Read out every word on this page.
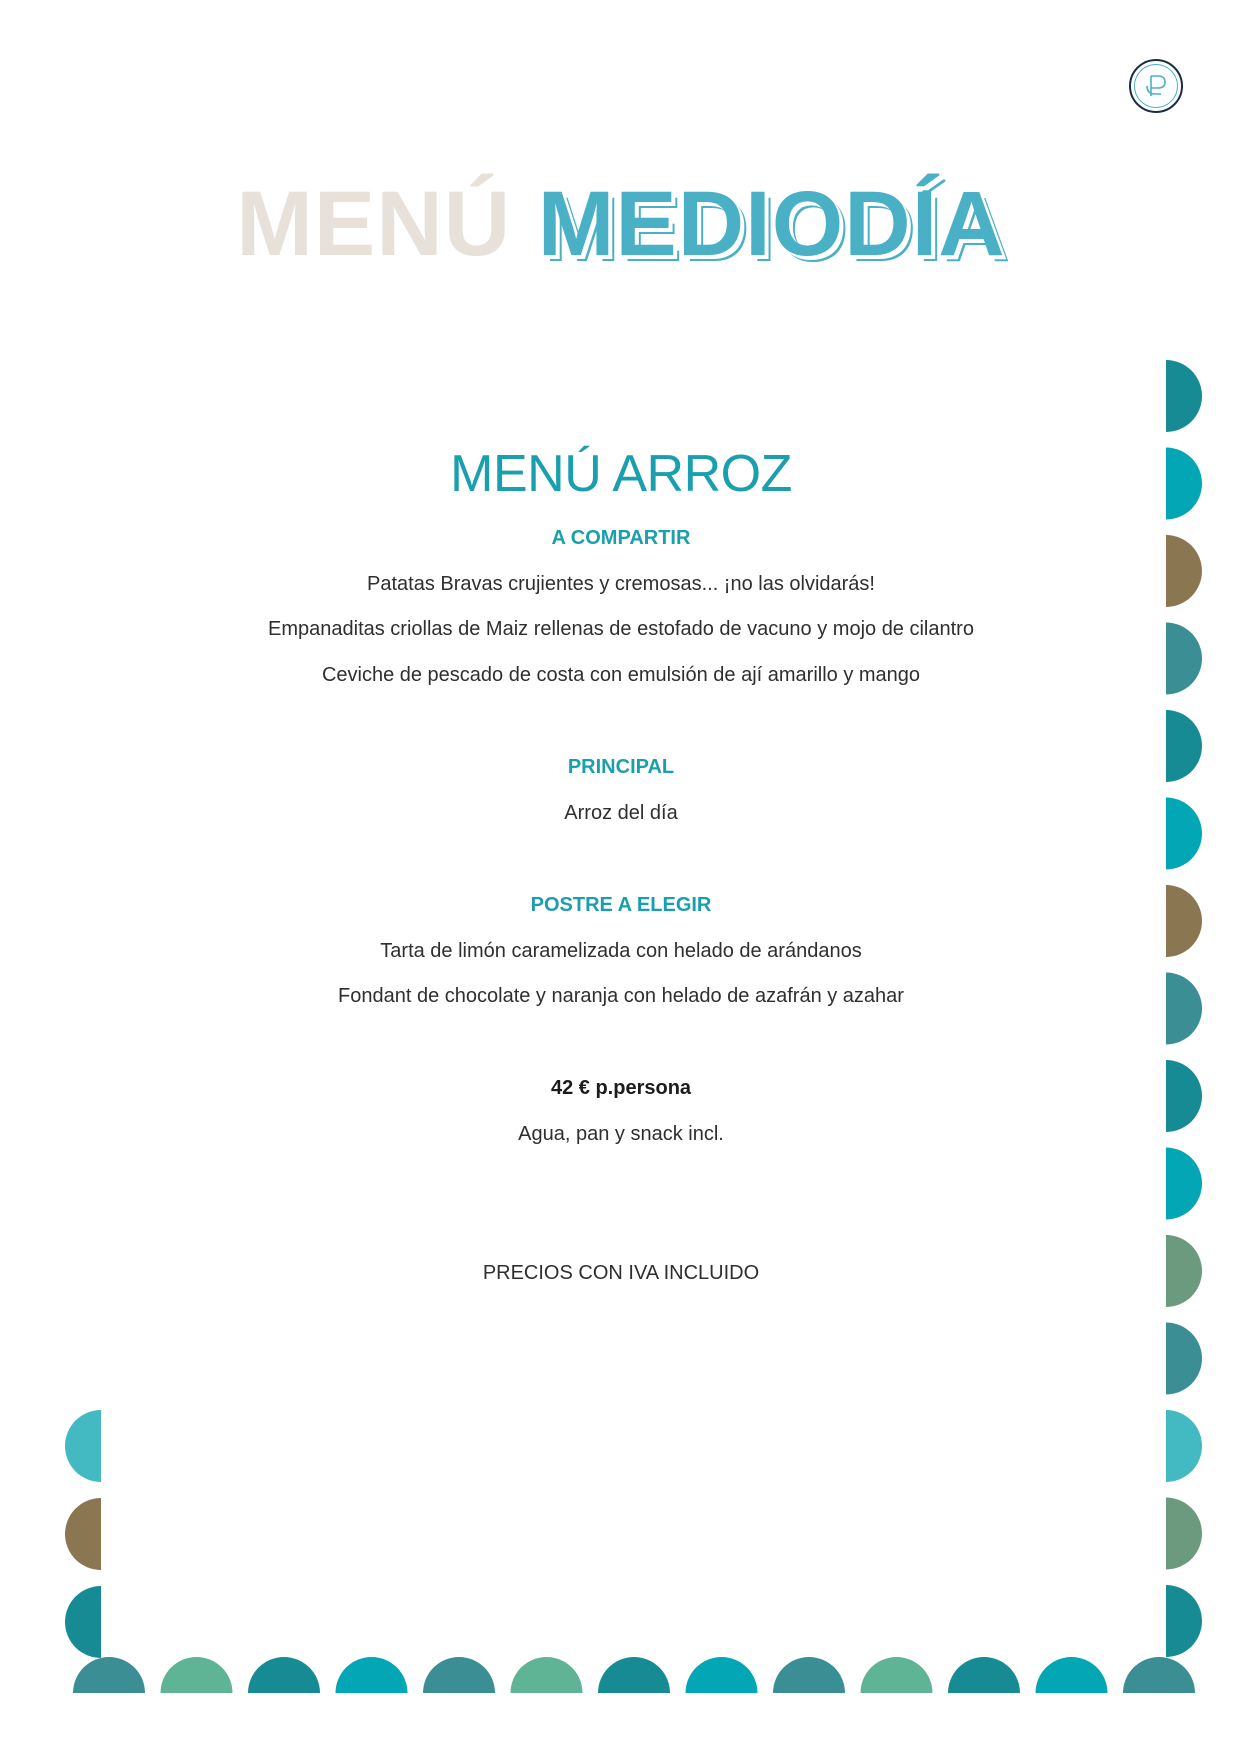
MENÚ MEDIODÍA
MENÚ ARROZ
A COMPARTIR
Patatas Bravas crujientes y cremosas... ¡no las olvidarás!
Empanaditas criollas de Maiz rellenas de estofado de vacuno y mojo de cilantro
Ceviche de pescado de costa con emulsión de ají amarillo y mango
PRINCIPAL
Arroz del día
POSTRE A ELEGIR
Tarta de limón caramelizada con helado de arándanos
Fondant de chocolate y naranja con helado de azafrán y azahar
42 € p.persona
Agua, pan y snack incl.
PRECIOS CON IVA INCLUIDO
